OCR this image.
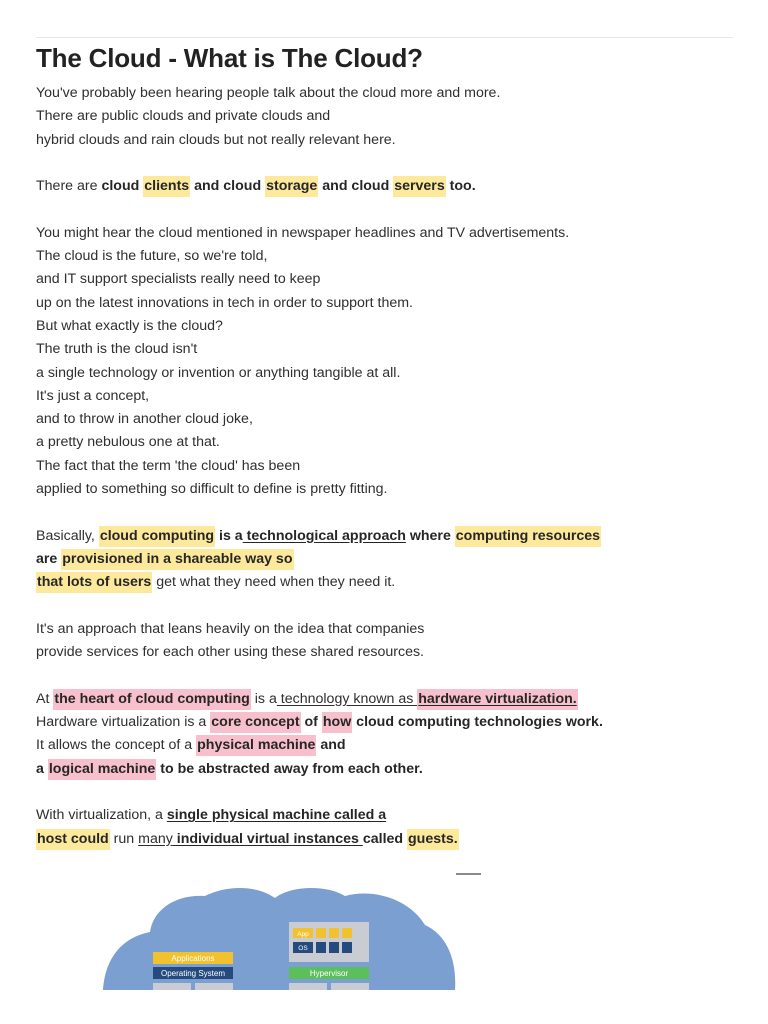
The Cloud - What is The Cloud?
You've probably been hearing people talk about the cloud more and more.
There are public clouds and private clouds and
hybrid clouds and rain clouds but not really relevant here.
There are cloud clients and cloud storage and cloud servers too.
You might hear the cloud mentioned in newspaper headlines and TV advertisements.
The cloud is the future, so we're told,
and IT support specialists really need to keep
up on the latest innovations in tech in order to support them.
But what exactly is the cloud?
The truth is the cloud isn't
a single technology or invention or anything tangible at all.
It's just a concept,
and to throw in another cloud joke,
a pretty nebulous one at that.
The fact that the term 'the cloud' has been
applied to something so difficult to define is pretty fitting.
Basically, cloud computing is a technological approach where computing resources
are provisioned in a shareable way so
that lots of users get what they need when they need it.
It's an approach that leans heavily on the idea that companies
provide services for each other using these shared resources.
At the heart of cloud computing is a technology known as hardware virtualization.
Hardware virtualization is a core concept of how cloud computing technologies work.
It allows the concept of a physical machine and
a logical machine to be abstracted away from each other.
With virtualization, a single physical machine called a
host could run many individual virtual instances called guests.
Applications
Operating System
App
OS
Hypervisor
